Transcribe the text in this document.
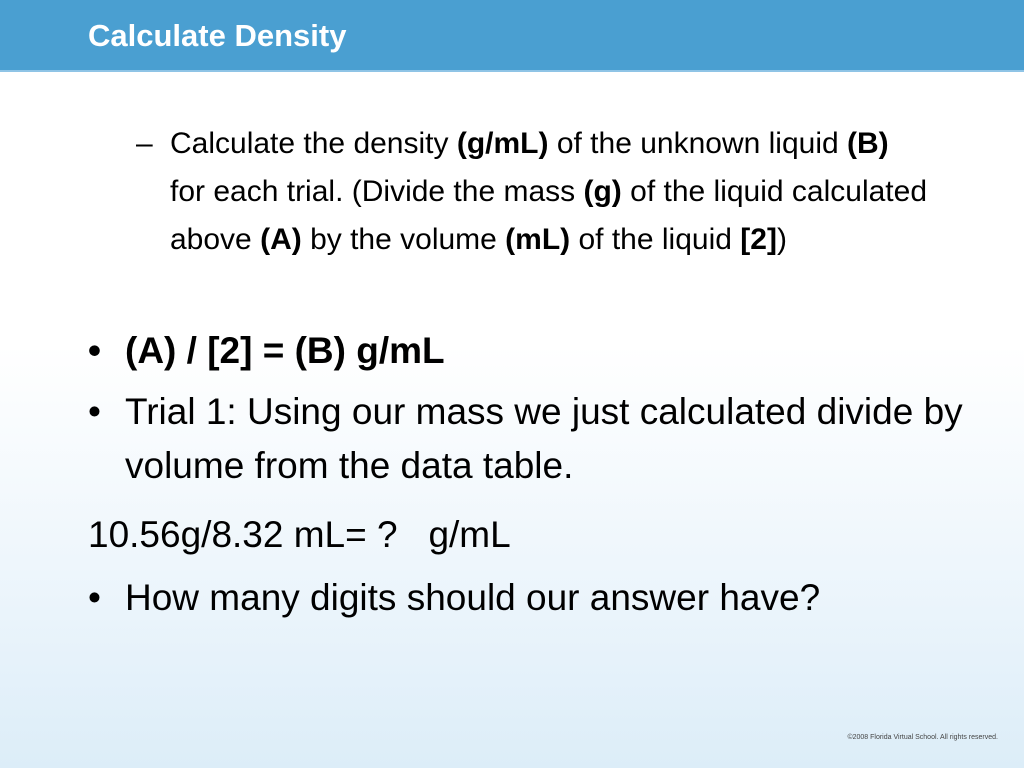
Calculate Density
– Calculate the density (g/mL) of the unknown liquid (B) for each trial. (Divide the mass (g) of the liquid calculated above (A) by the volume (mL) of the liquid [2])
• (A) / [2] = (B) g/mL
• Trial 1: Using our mass we just calculated divide by volume from the data table.
10.56g/8.32 mL= ?   g/mL
• How many digits should our answer have?
©2008 Florida Virtual School. All rights reserved.
